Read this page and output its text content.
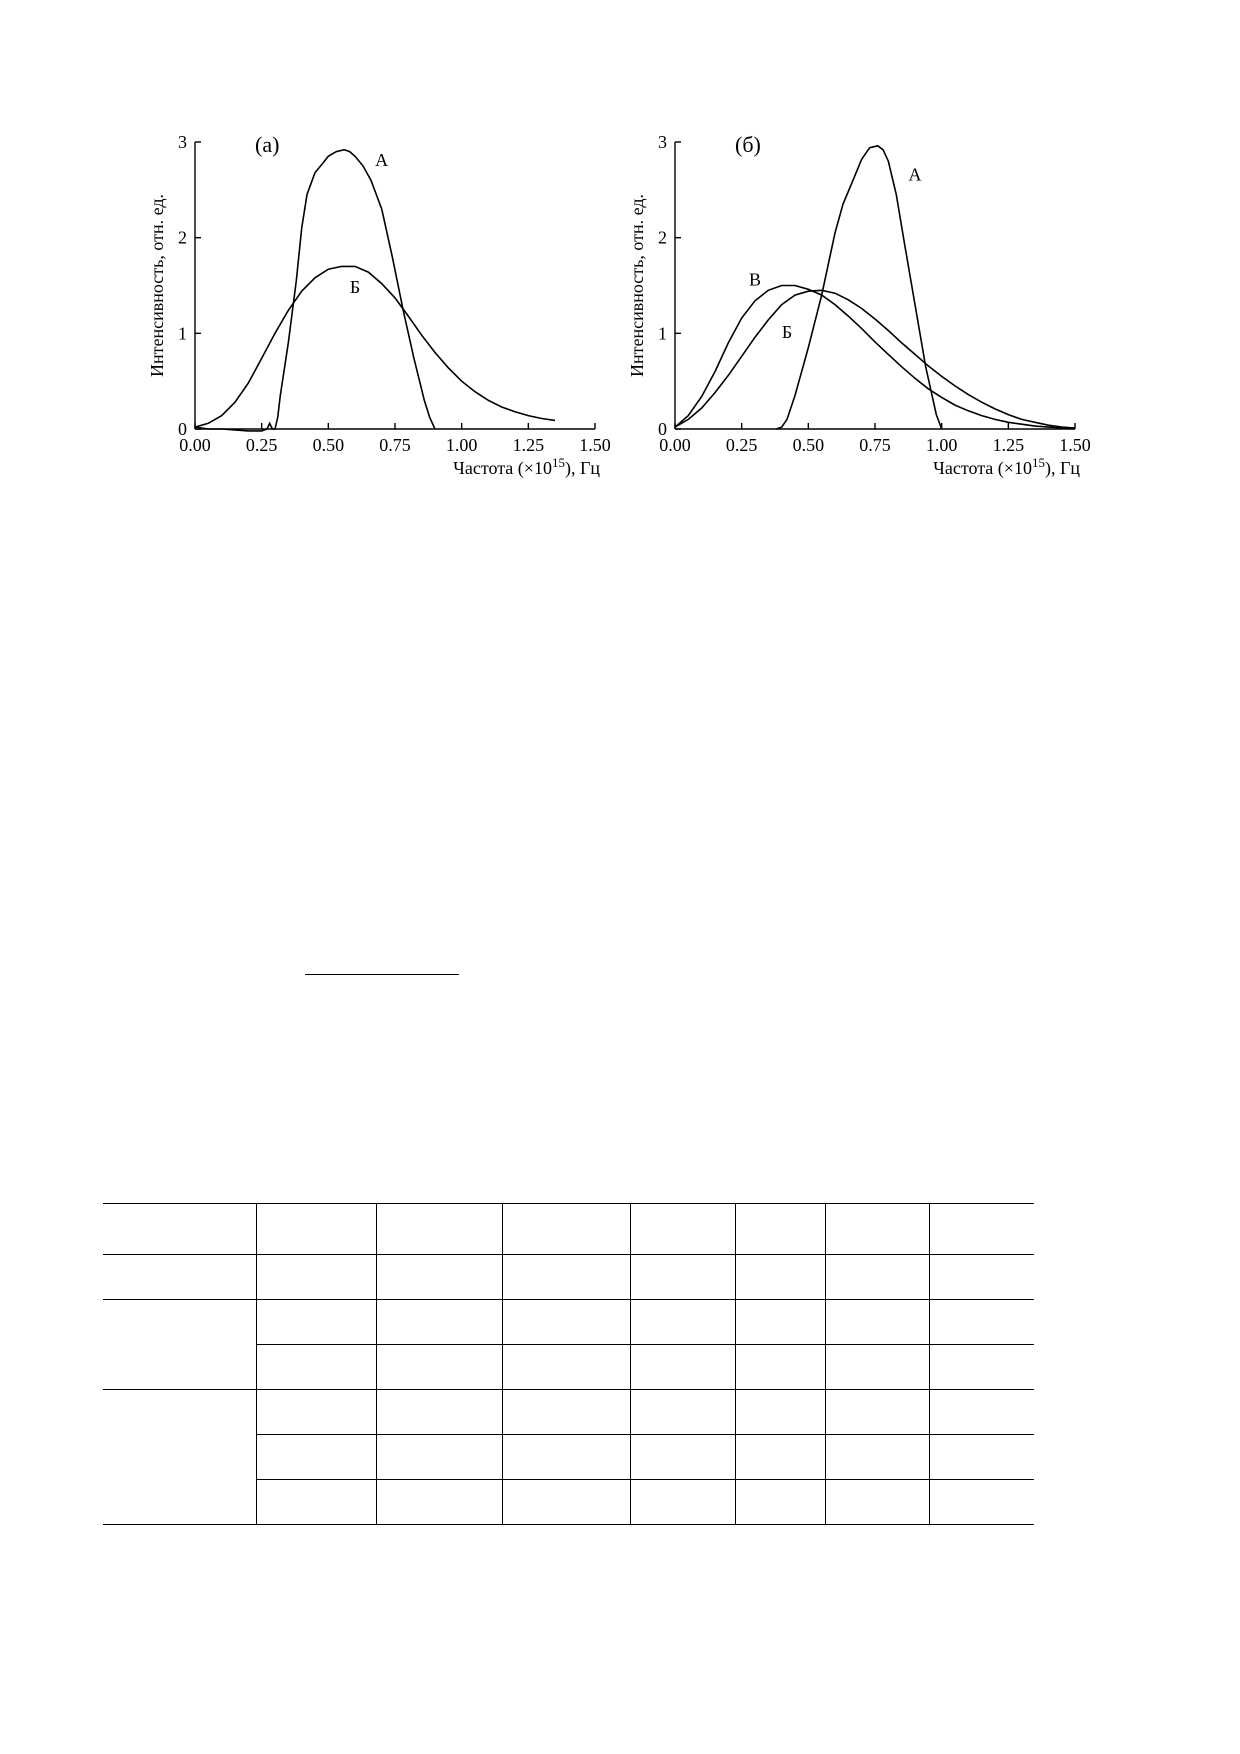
0.00 0.25 0.50 0.75 1.00 1.25 1.50
0
1
2
3
Частота $(\times 10^{15})$, Гц
Интенсивность, отн. ед.
(а)
А
Б
0.00 0.25 0.50 0.75 1.00 1.25 1.50
0
1
2
3
Частота $(\times 10^{15})$, Гц
Интенсивность, отн. ед.
(б)
А
Б
В
